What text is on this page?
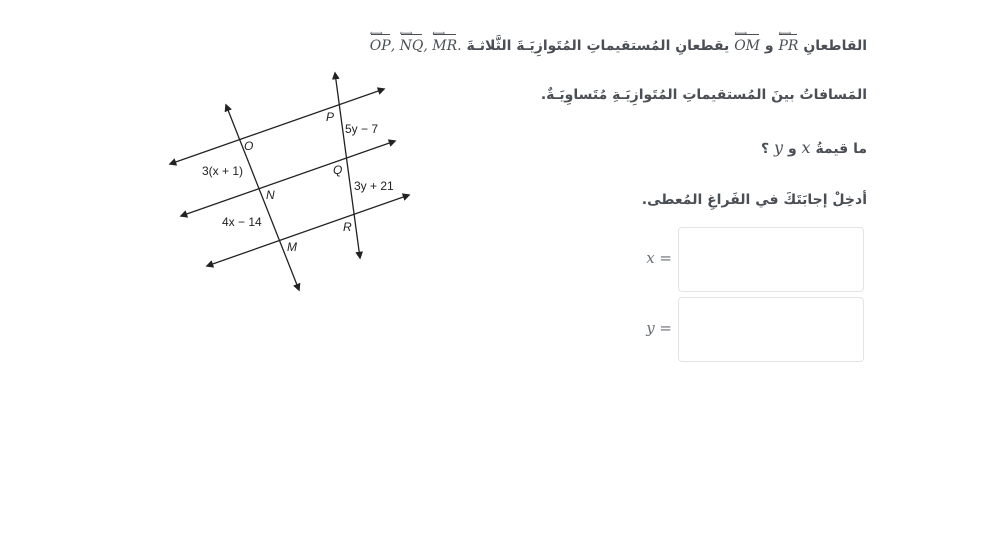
القاطعانِ
⟷
PR و
⟷
OM يقطعانِ المُستقيماتِ المُتَوازِيَـةَ الثَّلاثـةَ
⟷
OP,
⟷
NQ,
⟷
MR.
المَسافاتُ بينَ المُستقيماتِ المُتَوازِيَـةِ مُتَساوِيَـةٌ.
ما قيمةُ x و y ؟
أدخِلْ إجابَتَكَ في الفَراغِ المُعطى.
x =
y =
O
P
N
Q
M
R
3(x + 1)
4x − 14
5y − 7
3y + 21
